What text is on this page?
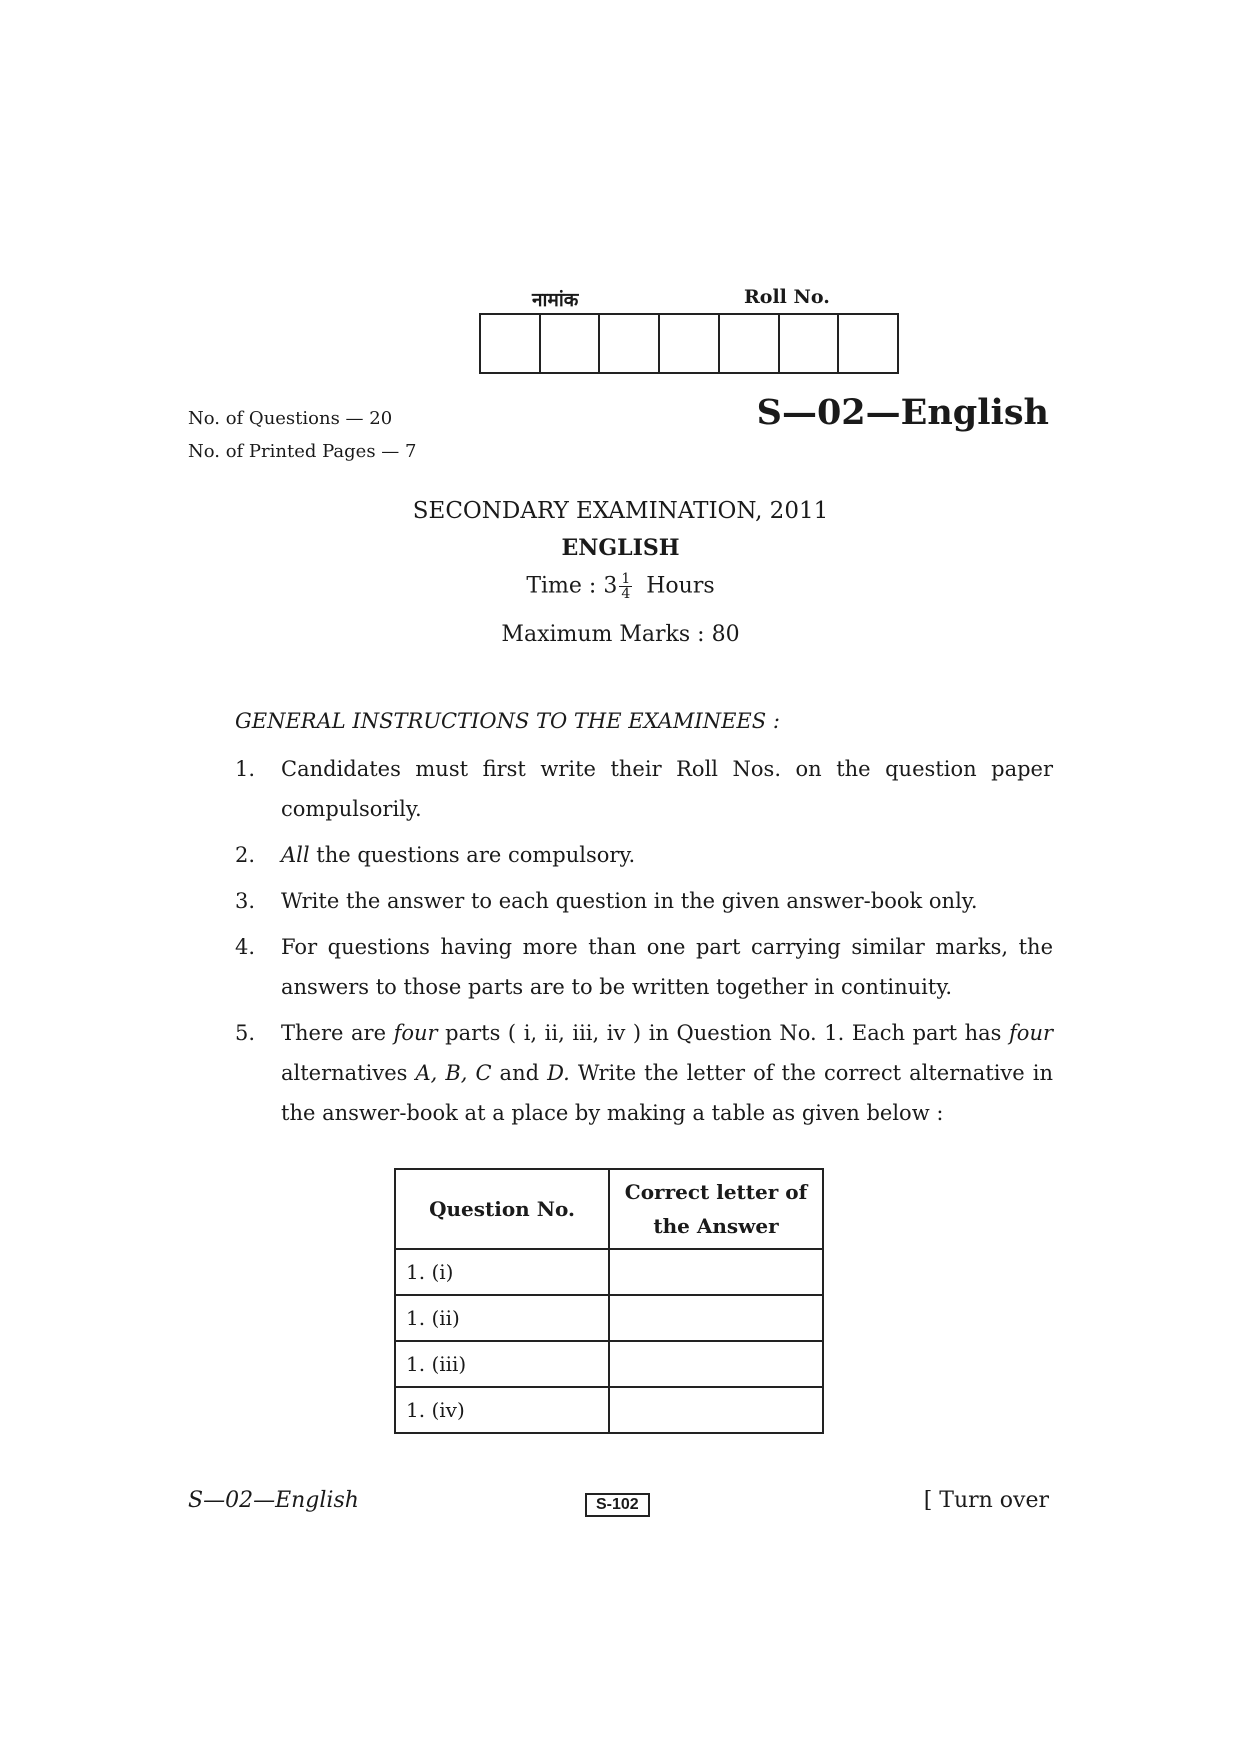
नामांक	Roll No.
No. of Questions — 20
No. of Printed Pages — 7
S—02—English
SECONDARY EXAMINATION, 2011
ENGLISH
Time : $3 \frac{1}{4}$ Hours
Maximum Marks : 80
GENERAL INSTRUCTIONS TO THE EXAMINEES :
1.	Candidates must first write their Roll Nos. on the question paper compulsorily.
2.	All the questions are compulsory.
3.	Write the answer to each question in the given answer-book only.
4.	For questions having more than one part carrying similar marks, the answers to those parts are to be written together in continuity.
5.	There are four parts ( i, ii, iii, iv ) in Question No. 1. Each part has four alternatives A, B, C and D. Write the letter of the correct alternative in the answer-book at a place by making a table as given below :
Question No.	Correct letter of the Answer
1. (i)	
1. (ii)	
1. (iii)	
1. (iv)	
S—02—English	S-102	[ Turn over
